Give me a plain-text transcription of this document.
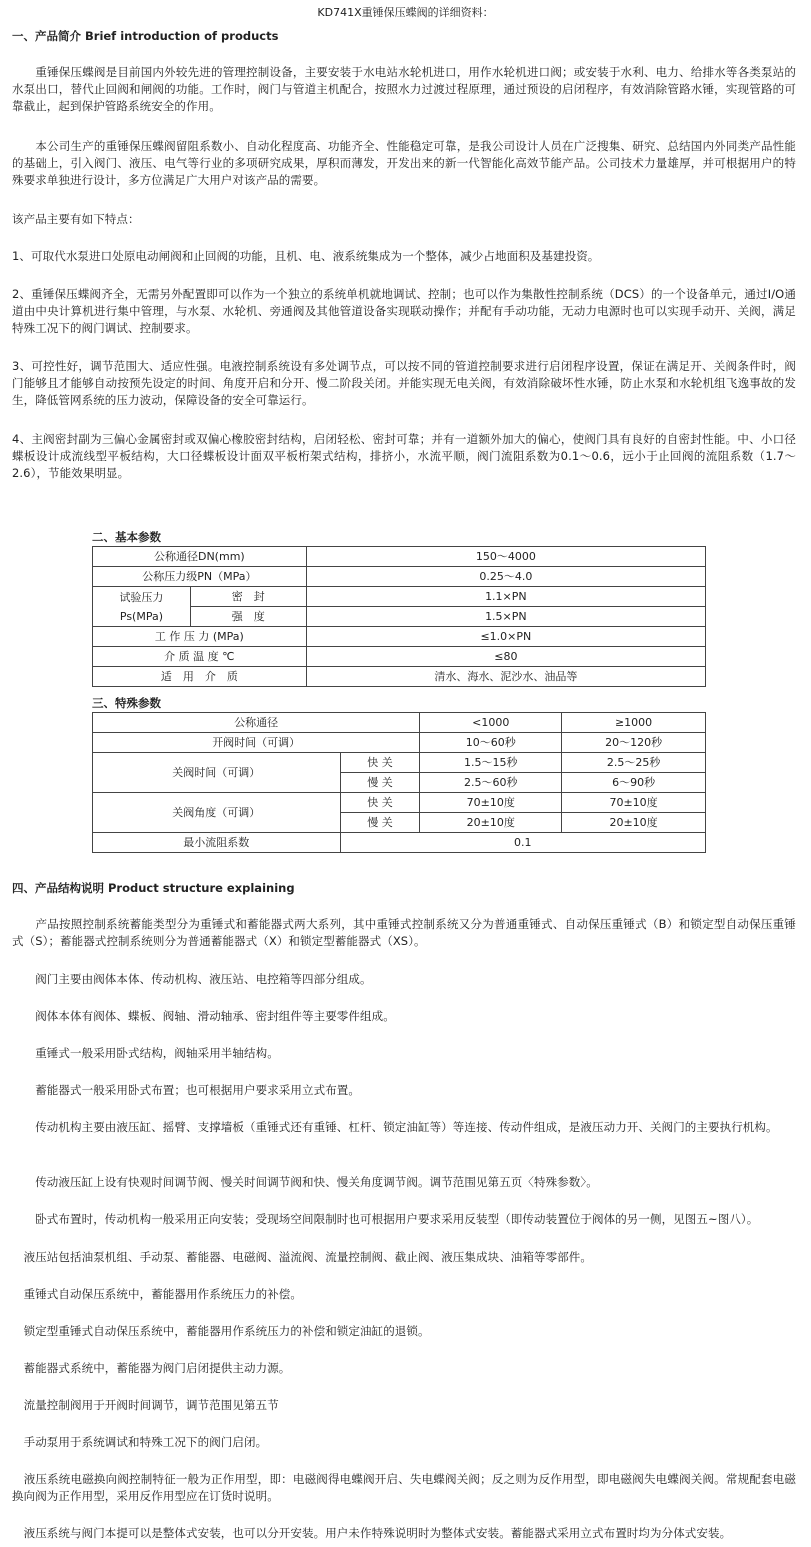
KD741X重锤保压蝶阀的详细资料：
一、产品简介 Brief introduction of products
　　重锤保压蝶阀是目前国内外较先进的管理控制设备，主要安装于水电站水轮机进口，用作水轮机进口阀；或安装于水利、电力、给排水等各类泵站的水泵出口，替代止回阀和闸阀的功能。工作时，阀门与管道主机配合，按照水力过渡过程原理，通过预设的启闭程序，有效消除管路水锤，实现管路的可靠截止，起到保护管路系统安全的作用。
　　本公司生产的重锤保压蝶阀留阻系数小、自动化程度高、功能齐全、性能稳定可靠，是我公司设计人员在广泛搜集、研究、总结国内外同类产品性能的基础上，引入阀门、液压、电气等行业的多项研究成果，厚积而薄发，开发出来的新一代智能化高效节能产品。公司技术力量雄厚，并可根据用户的特殊要求单独进行设计，多方位满足广大用户对该产品的需要。
该产品主要有如下特点：
1、可取代水泵进口处原电动闸阀和止回阀的功能，且机、电、液系统集成为一个整体，减少占地面积及基建投资。
2、重锤保压蝶阀齐全，无需另外配置即可以作为一个独立的系统单机就地调试、控制；也可以作为集散性控制系统（DCS）的一个设备单元，通过I/O通道由中央计算机进行集中管理，与水泵、水轮机、旁通阀及其他管道设备实现联动操作；并配有手动功能，无动力电源时也可以实现手动开、关阀，满足特殊工况下的阀门调试、控制要求。
3、可控性好，调节范围大、适应性强。电液控制系统设有多处调节点，可以按不同的管道控制要求进行启闭程序设置，保证在满足开、关阀条件时，阀门能够且才能够自动按预先设定的时间、角度开启和分开、慢二阶段关闭。并能实现无电关阀，有效消除破坏性水锤，防止水泵和水轮机组飞逸事故的发生，降低管网系统的压力波动，保障设备的安全可靠运行。
4、主阀密封副为三偏心金属密封或双偏心橡胶密封结构，启闭轻松、密封可靠；并有一道额外加大的偏心，使阀门具有良好的自密封性能。中、小口径蝶板设计成流线型平板结构，大口径蝶板设计面双平板桁架式结构，排挤小，水流平顺，阀门流阻系数为0.1～0.6，远小于止回阀的流阻系数（1.7～2.6），节能效果明显。
二、基本参数
公称通径DN(mm)		150～4000
公称压力级PN（MPa）		0.25～4.0
试验压力
Ps(MPa)	密　封	1.1×PN
	强　度	1.5×PN
工 作 压 力 (MPa)		≤1.0×PN
介 质 温 度 ℃		≤80
适　用　介　质		清水、海水、泥沙水、油品等
三、特殊参数
公称通径		<1000	≥1000
开阀时间（可调）		10～60秒	20～120秒
关阀时间（可调）	快 关	1.5～15秒	2.5～25秒
	慢 关	2.5～60秒	6～90秒
关阀角度（可调）	快 关	70±10度	70±10度
	慢 关	20±10度	20±10度
最小流阻系数	0.1		
四、产品结构说明 Product structure explaining
　　产品按照控制系统蓄能类型分为重锤式和蓄能器式两大系列，其中重锤式控制系统又分为普通重锤式、自动保压重锤式（B）和锁定型自动保压重锤式（S）；蓄能器式控制系统则分为普通蓄能器式（X）和锁定型蓄能器式（XS）。
　　阀门主要由阀体本体、传动机构、液压站、电控箱等四部分组成。
　　阀体本体有阀体、蝶板、阀轴、滑动轴承、密封组件等主要零件组成。
　　重锤式一般采用卧式结构，阀轴采用半轴结构。
　　蓄能器式一般采用卧式布置；也可根据用户要求采用立式布置。
　　传动机构主要由液压缸、摇臂、支撑墙板（重锤式还有重锤、杠杆、锁定油缸等）等连接、传动件组成，是液压动力开、关阀门的主要执行机构。
　　传动液压缸上设有快观时间调节阀、慢关时间调节阀和快、慢关角度调节阀。调节范围见第五页〈特殊参数〉。
　　卧式布置时，传动机构一般采用正向安装；受现场空间限制时也可根据用户要求采用反装型（即传动装置位于阀体的另一侧，见图五~图八）。
　液压站包括油泵机组、手动泵、蓄能器、电磁阀、溢流阀、流量控制阀、截止阀、液压集成块、油箱等零部件。
　重锤式自动保压系统中，蓄能器用作系统压力的补偿。
　锁定型重锤式自动保压系统中，蓄能器用作系统压力的补偿和锁定油缸的退锁。
　蓄能器式系统中，蓄能器为阀门启闭提供主动力源。
　流量控制阀用于开阀时间调节，调节范围见第五节
　手动泵用于系统调试和特殊工况下的阀门启闭。
　液压系统电磁换向阀控制特征一般为正作用型，即：电磁阀得电蝶阀开启、失电蝶阀关阀；反之则为反作用型，即电磁阀失电蝶阀关阀。常规配套电磁换向阀为正作用型，采用反作用型应在订货时说明。
　液压系统与阀门本提可以是整体式安装，也可以分开安装。用户未作特殊说明时为整体式安装。蓄能器式采用立式布置时均为分体式安装。
